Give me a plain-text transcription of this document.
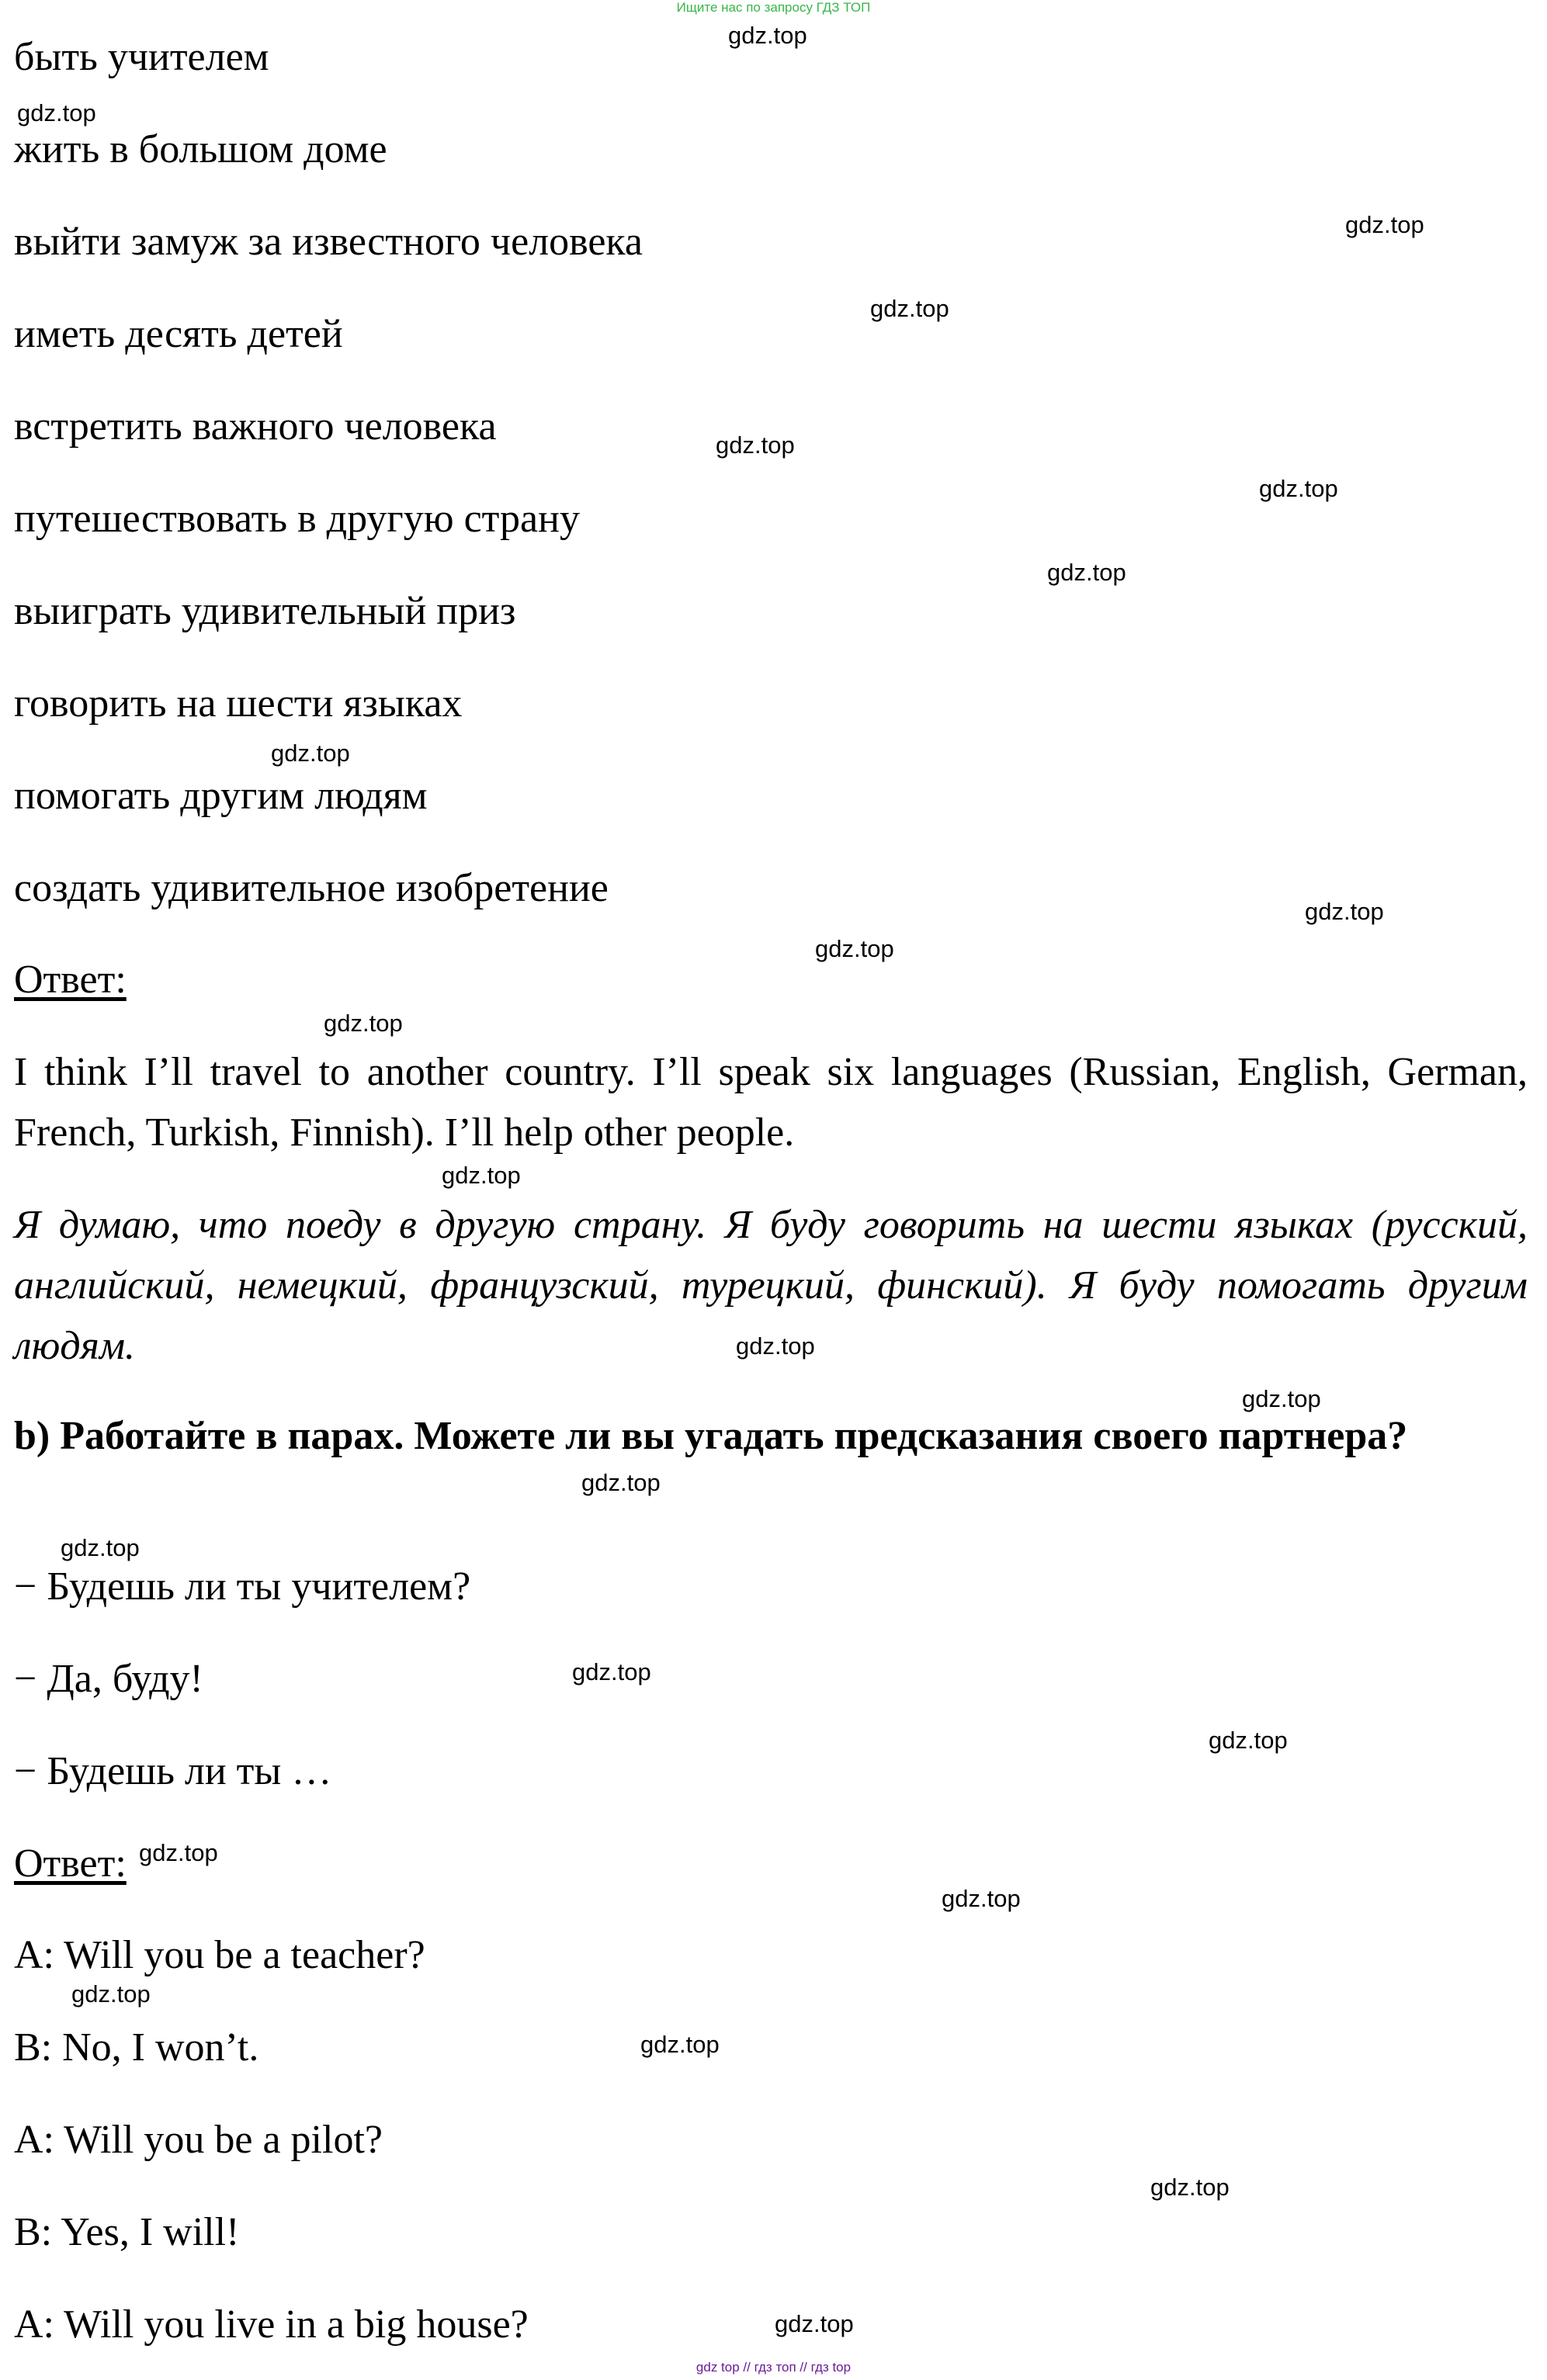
Ищите нас по запросу ГДЗ ТОП
быть учителем
жить в большом доме
выйти замуж за известного человека
иметь десять детей
встретить важного человека
путешествовать в другую страну
выиграть удивительный приз
говорить на шести языках
помогать другим людям
создать удивительное изобретение
Ответ:
I think I’ll travel to another country. I’ll speak six languages (Russian, English, German, French, Turkish, Finnish). I’ll help other people.
Я думаю, что поеду в другую страну. Я буду говорить на шести языках (русский, английский, немецкий, французский, турецкий, финский). Я буду помогать другим людям.
b) Работайте в парах. Можете ли вы угадать предсказания своего партнера?
− Будешь ли ты учителем?
− Да, буду!
− Будешь ли ты …
Ответ:
A: Will you be a teacher?
B: No, I won’t.
A: Will you be a pilot?
B: Yes, I will!
A: Will you live in a big house?
gdz.top
gdz.top
gdz.top
gdz.top
gdz.top
gdz.top
gdz.top
gdz.top
gdz.top
gdz.top
gdz.top
gdz.top
gdz.top
gdz.top
gdz.top
gdz.top
gdz.top
gdz.top
gdz.top
gdz.top
gdz.top
gdz.top
gdz.top
gdz.top
gdz top // гдз топ // гдз top
